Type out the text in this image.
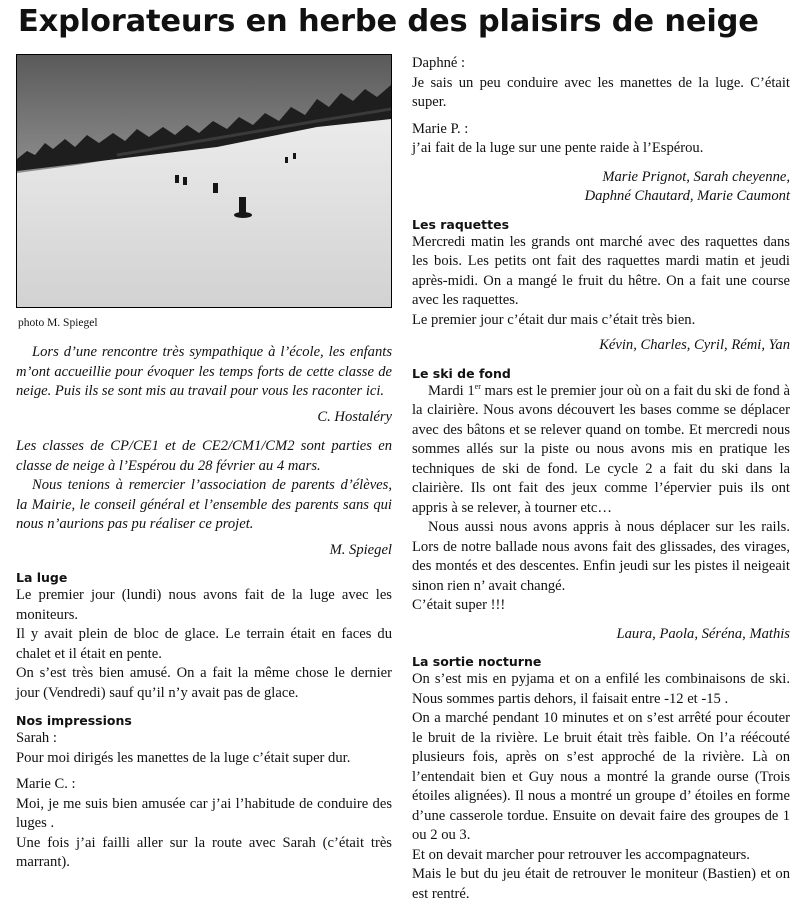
Explorateurs en herbe des plaisirs de neige

photo M. Spiegel

Lors d’une rencontre très sympathique à l’école, les enfants m’ont accueillie pour évoquer les temps forts de cette classe de neige. Puis ils se sont mis au travail pour vous les raconter ici.

C. Hostaléry

Les classes de CP/CE1 et de CE2/CM1/CM2 sont parties en classe de neige à l’Espérou du 28 février au 4 mars.

Nous tenions à remercier l’association de parents d’élèves, la Mairie, le conseil général et l’ensemble des parents sans qui nous n’aurions pas pu réaliser ce projet.

M. Spiegel

La luge

Le premier jour (lundi) nous avons fait de la luge avec les moniteurs.

Il y avait plein de bloc de glace. Le terrain était en faces du chalet et il était en pente.

On s’est très bien amusé. On a fait la même chose le dernier jour (Vendredi) sauf qu’il n’y avait pas de glace.

Nos impressions

Sarah :

Pour moi dirigés les manettes de la luge c’était super dur.

Marie C. :

Moi, je me suis bien amusée car j’ai l’habitude de conduire des luges .

Une fois j’ai failli aller sur la route avec Sarah (c’était très marrant).

Daphné :

Je sais un peu conduire avec les manettes de la luge. C’était super.

Marie P. :

j’ai fait de la luge sur une pente raide à l’Espérou.

Marie Prignot, Sarah cheyenne,

Daphné Chautard, Marie Caumont

Les raquettes

Mercredi matin les grands ont marché avec des raquettes dans les bois. Les petits ont fait des raquettes mardi matin et jeudi après-midi. On a mangé le fruit du hêtre. On a fait une course avec les raquettes.

Le premier jour c’était dur mais c’était très bien.

Kévin, Charles, Cyril, Rémi, Yan

Le ski de fond

Mardi 1er mars est le premier jour où on a fait du ski de fond à la clairière. Nous avons découvert les bases comme se déplacer avec des bâtons et se relever quand on tombe. Et mercredi nous sommes allés sur la piste ou nous avons mis en pratique les techniques de ski de fond. Le cycle 2 a fait du ski dans la clairière. Ils ont fait des jeux comme l’épervier puis ils ont appris à se relever, à tourner etc…

Nous aussi nous avons appris à nous déplacer sur les rails. Lors de notre ballade nous avons fait des glissades, des virages, des montés et des descentes. Enfin jeudi sur les pistes il neigeait sinon rien n’ avait changé.

C’était super !!!

Laura, Paola, Séréna, Mathis

La sortie nocturne

On s’est mis en pyjama et on a enfilé les combinaisons de ski. Nous sommes partis dehors, il faisait entre -12 et -15 .

On a marché pendant 10 minutes et on s’est arrêté pour écouter le bruit de la rivière. Le bruit était très faible. On l’a réécouté plusieurs fois, après on s’est approché de la rivière. Là on l’entendait bien et Guy nous a montré la grande ourse (Trois étoiles alignées). Il nous a montré un groupe d’ étoiles en forme d’une casserole tordue. Ensuite on devait faire des groupes de 1 ou 2 ou 3.

Et on devait marcher pour retrouver les accompagnateurs.

Mais le but du jeu était de retrouver le moniteur (Bastien) et on est rentré.
